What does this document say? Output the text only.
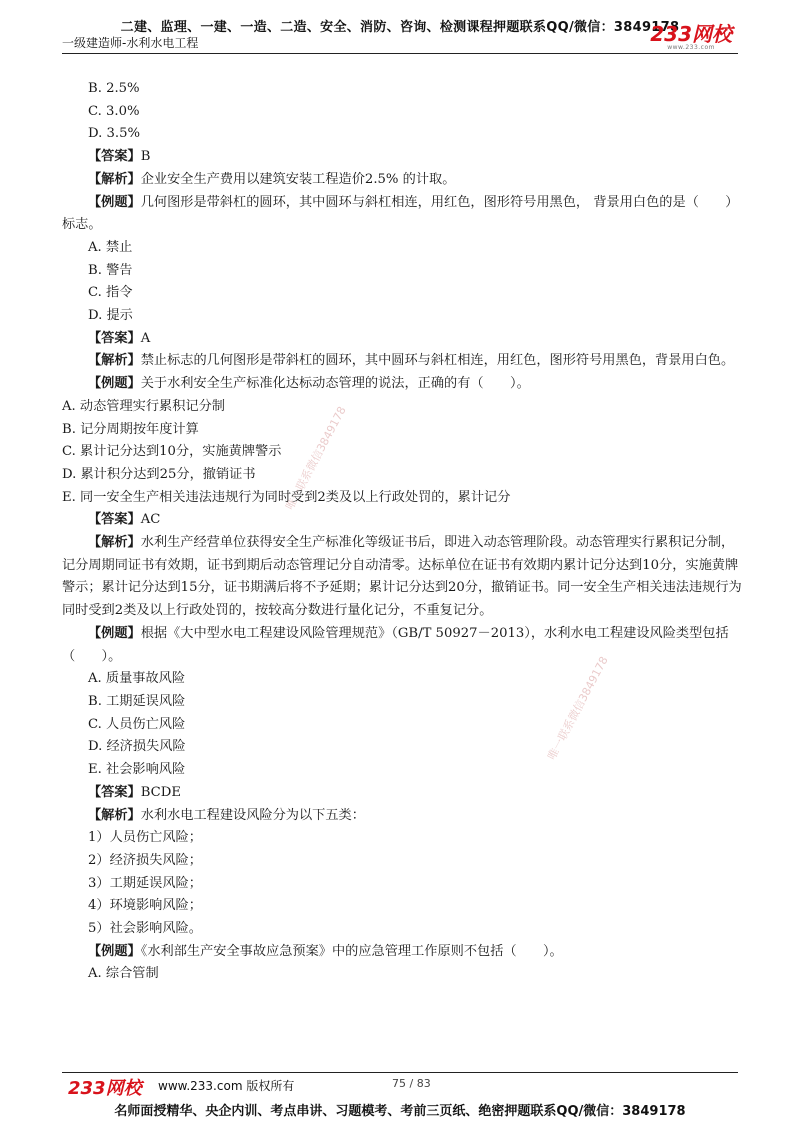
二建、监理、一建、一造、二造、安全、消防、咨询、检测课程押题联系QQ/微信：3849178
一级建造师-水利水电工程	233网校
www.233.com
唯一联系微信3849178
唯一联系微信3849178

B. 2.5%

C. 3.0%

D. 3.5%

【答案】B

【解析】企业安全生产费用以建筑安装工程造价2.5% 的计取。

【例题】几何图形是带斜杠的圆环，其中圆环与斜杠相连，用红色，图形符号用黑色， 背景用白色的是（　　）标志。

A. 禁止

B. 警告

C. 指令

D. 提示

【答案】A

【解析】禁止标志的几何图形是带斜杠的圆环，其中圆环与斜杠相连，用红色，图形符号用黑色，背景用白色。

【例题】关于水利安全生产标准化达标动态管理的说法，正确的有（　　）。

A. 动态管理实行累积记分制

B. 记分周期按年度计算

C. 累计记分达到10分，实施黄牌警示

D. 累计积分达到25分，撤销证书

E. 同一安全生产相关违法违规行为同时受到2类及以上行政处罚的，累计记分

【答案】AC

【解析】水利生产经营单位获得安全生产标准化等级证书后，即进入动态管理阶段。动态管理实行累积记分制，记分周期同证书有效期，证书到期后动态管理记分自动清零。达标单位在证书有效期内累计记分达到10分，实施黄牌警示；累计记分达到15分，证书期满后将不予延期；累计记分达到20分，撤销证书。同一安全生产相关违法违规行为同时受到2类及以上行政处罚的，按较高分数进行量化记分，不重复记分。

【例题】根据《大中型水电工程建设风险管理规范》（GB/T 50927－2013），水利水电工程建设风险类型包括（　　）。

A. 质量事故风险

B. 工期延误风险

C. 人员伤亡风险

D. 经济损失风险

E. 社会影响风险

【答案】BCDE

【解析】水利水电工程建设风险分为以下五类：

1）人员伤亡风险；

2）经济损失风险；

3）工期延误风险；

4）环境影响风险；

5）社会影响风险。

【例题】《水利部生产安全事故应急预案》中的应急管理工作原则不包括（　　）。

A. 综合管制

233网校 www.233.com 版权所有	75 / 83
名师面授精华、央企内训、考点串讲、习题模考、考前三页纸、绝密押题联系QQ/微信：3849178
